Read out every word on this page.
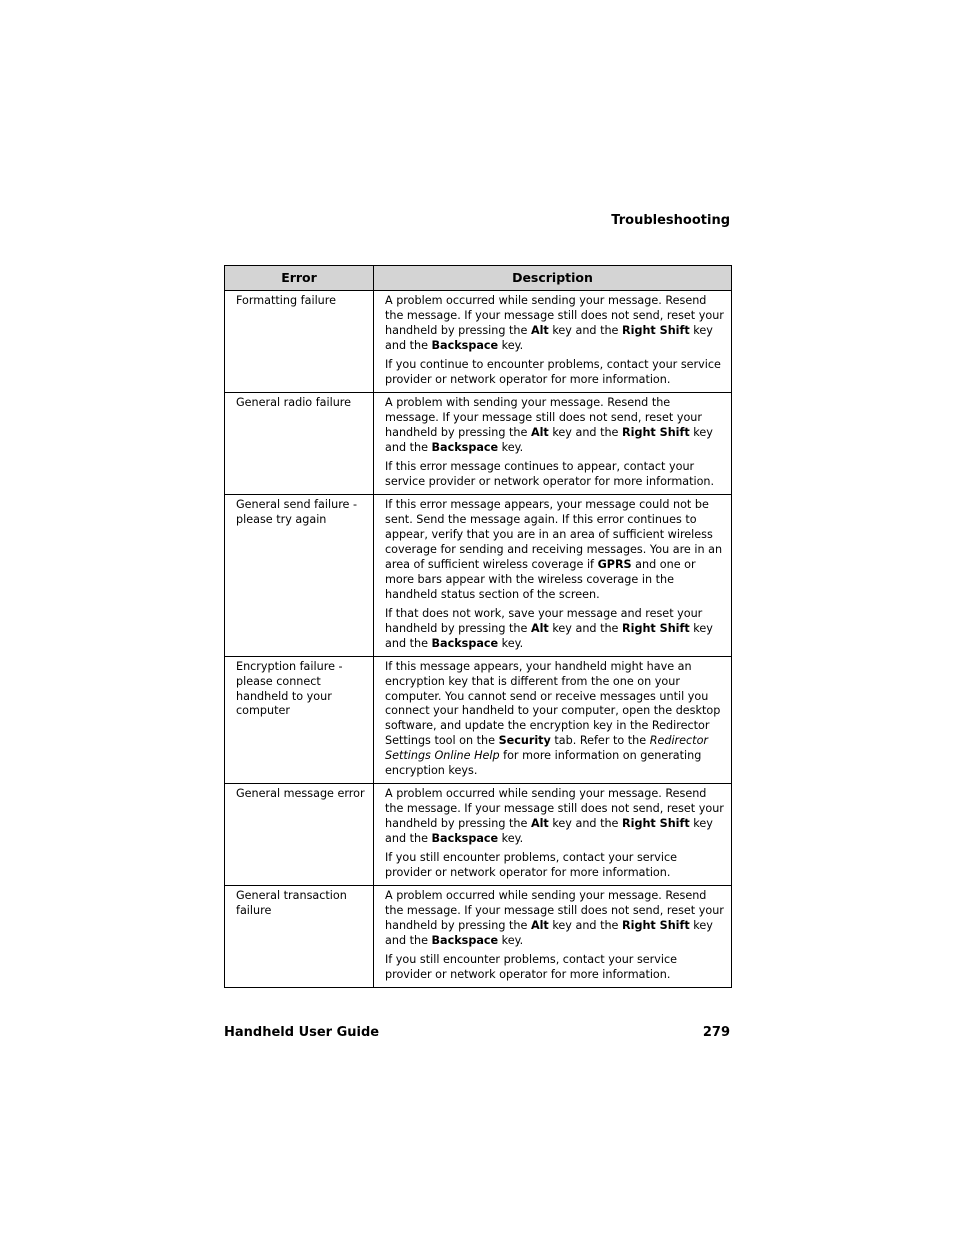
Troubleshooting
Error	Description
Formatting failure	A problem occurred while sending your message. Resend the message. If your message still does not send, reset your handheld by pressing the Alt key and the Right Shift key and the Backspace key.

If you continue to encounter problems, contact your service provider or network operator for more information.

General radio failure	A problem with sending your message. Resend the message. If your message still does not send, reset your handheld by pressing the Alt key and the Right Shift key and the Backspace key.

If this error message continues to appear, contact your service provider or network operator for more information.

General send failure - please try again	If this error message appears, your message could not be sent. Send the message again. If this error continues to appear, verify that you are in an area of sufficient wireless coverage for sending and receiving messages. You are in an area of sufficient wireless coverage if GPRS and one or more bars appear with the wireless coverage in the handheld status section of the screen.

If that does not work, save your message and reset your handheld by pressing the Alt key and the Right Shift key and the Backspace key.

Encryption failure - please connect handheld to your computer	If this message appears, your handheld might have an encryption key that is different from the one on your computer. You cannot send or receive messages until you connect your handheld to your computer, open the desktop software, and update the encryption key in the Redirector Settings tool on the Security tab. Refer to the Redirector Settings Online Help for more information on generating encryption keys.

General message error	A problem occurred while sending your message. Resend the message. If your message still does not send, reset your handheld by pressing the Alt key and the Right Shift key and the Backspace key.

If you still encounter problems, contact your service provider or network operator for more information.

General transaction failure	A problem occurred while sending your message. Resend the message. If your message still does not send, reset your handheld by pressing the Alt key and the Right Shift key and the Backspace key.

If you still encounter problems, contact your service provider or network operator for more information.

Handheld User Guide	279
